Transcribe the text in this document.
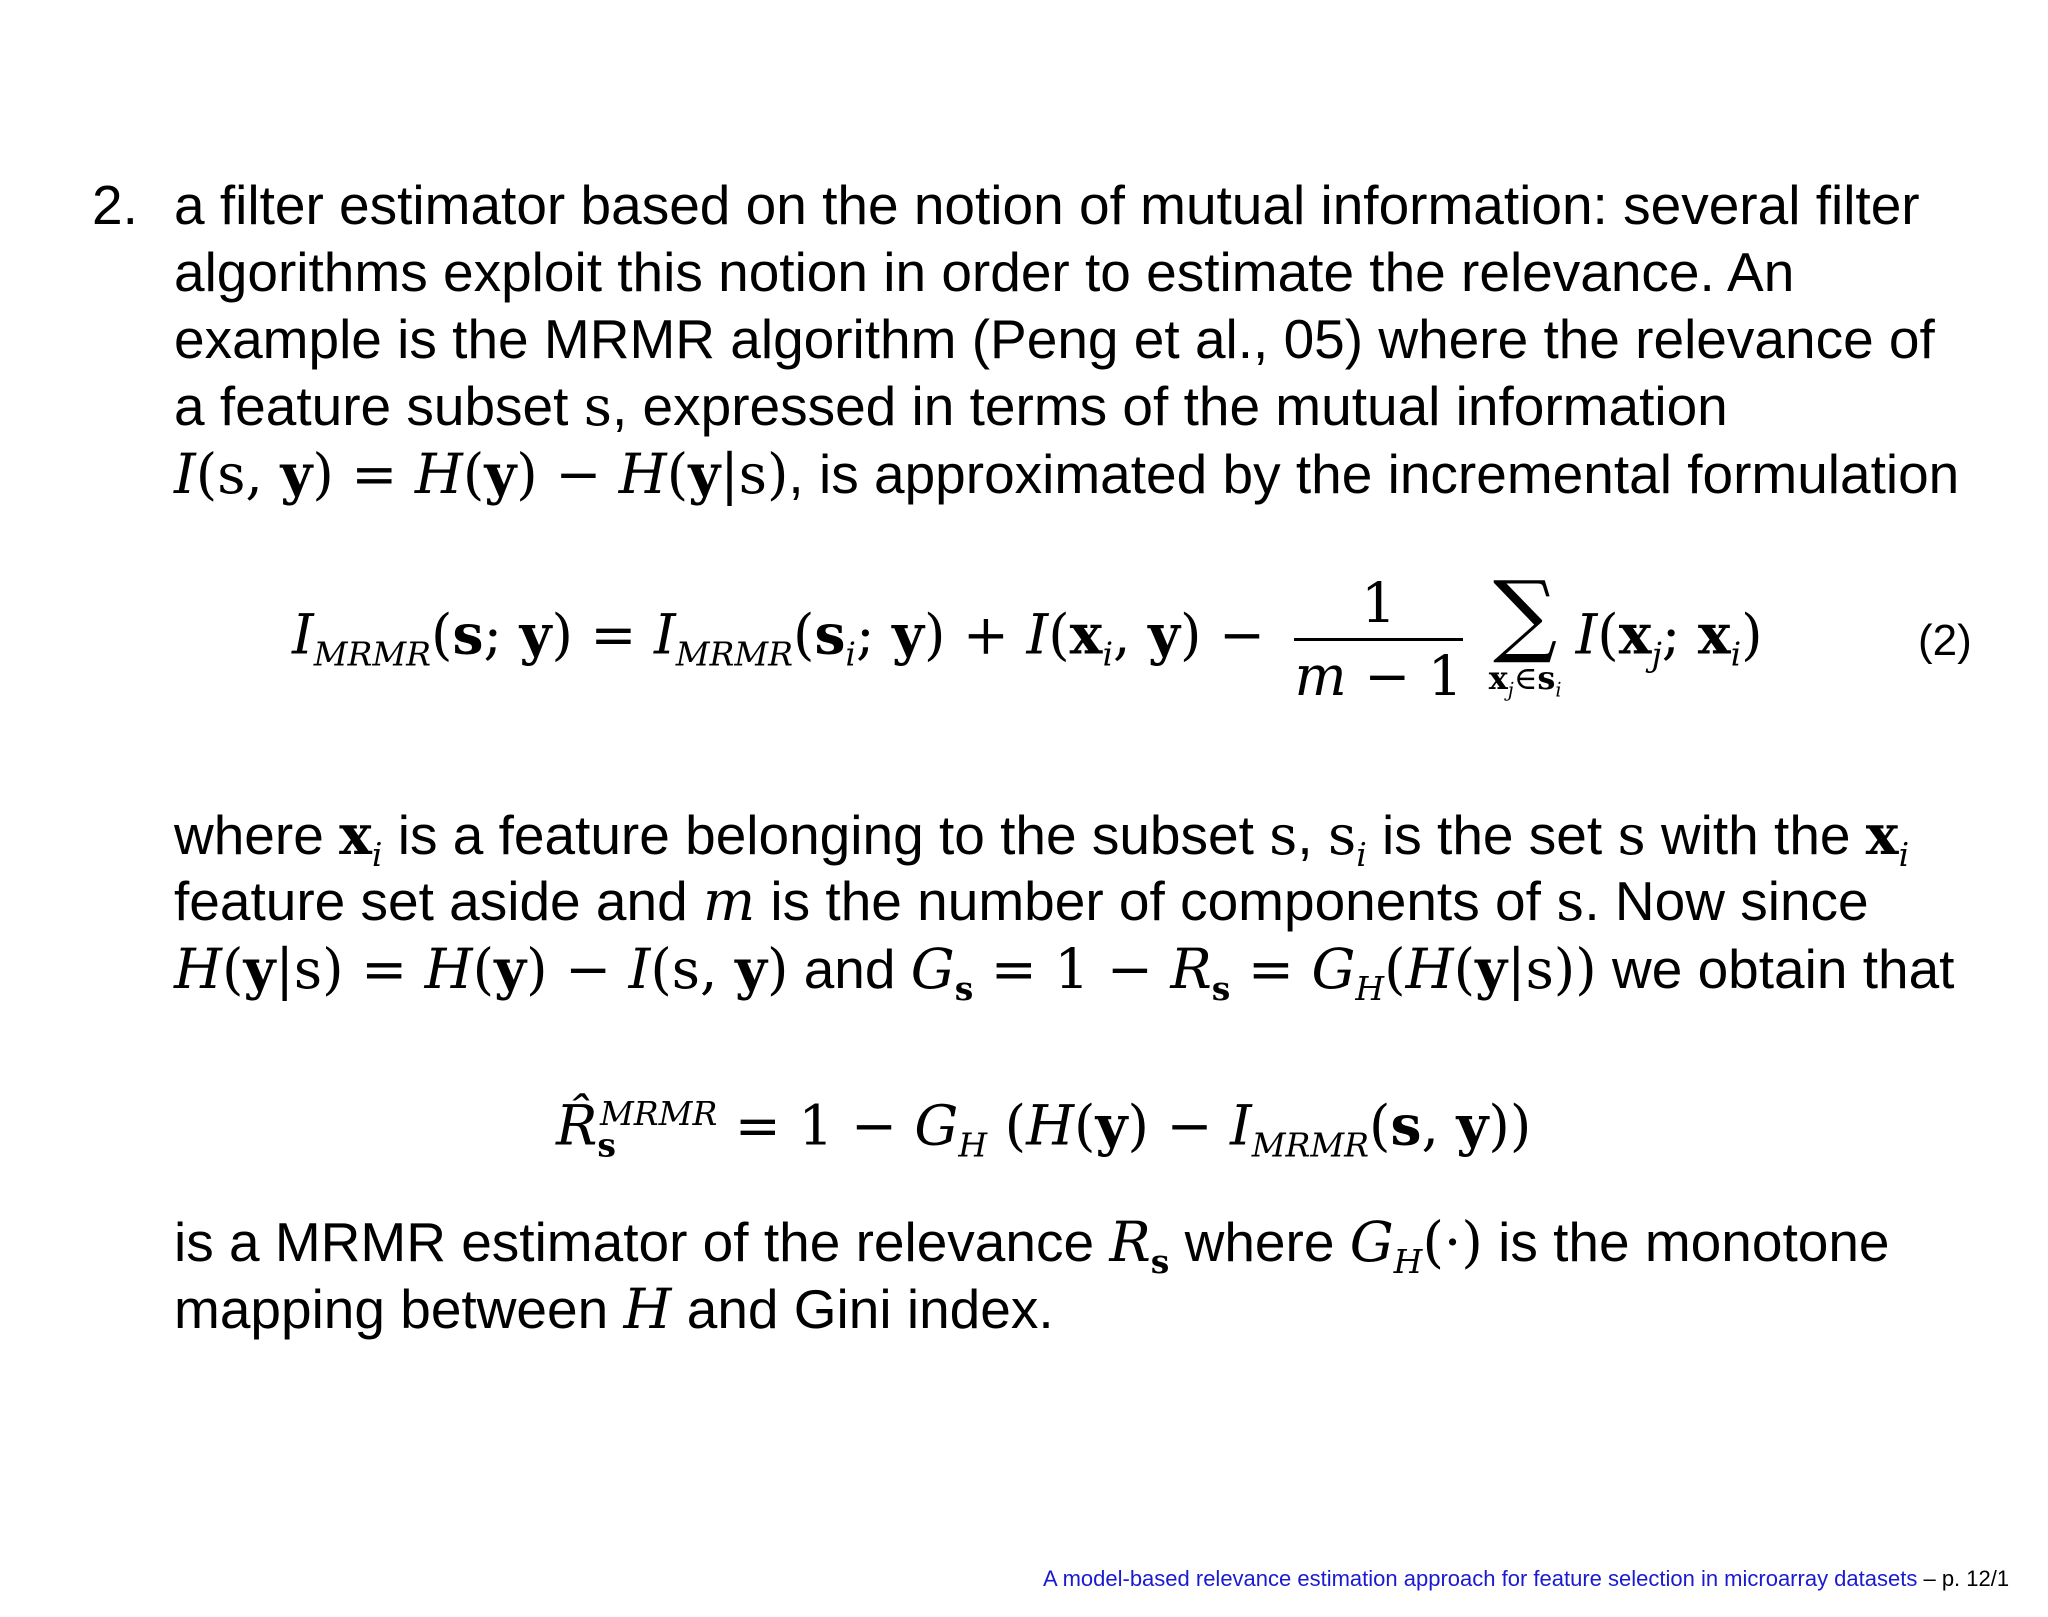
2. a filter estimator based on the notion of mutual information: several filter
algorithms exploit this notion in order to estimate the relevance. An
example is the MRMR algorithm (Peng et al., 05) where the relevance of
a feature subset s, expressed in terms of the mutual information
I(s, y) = H(y) − H(y|s), is approximated by the incremental formulation
$I_{MRMR}(s$; $y) = I_{MRMR}(s_i$; $y) + I(x_i$, $y) - \frac{1}{m - 1}$ ∑
$x_j\in s_i$
$I(x_j$; $x_i$)	(2)
where $x_i$ is a feature belonging to the subset s, $s_i$ is the set s with the $x_i$
feature set aside and m is the number of components of s. Now since
H(y|s) = H(y) − I(s, y) and $G_s = 1 - R_s = G_H(H(y|s))$ we obtain that
$R̂_s^{MRMR} = 1 - G_H$ ($H(y) - I_{MRMR}(s$, y))
is a MRMR estimator of the relevance $R_s$ where $G_H(\cdot)$ is the monotone
mapping between H and Gini index.
A model-based relevance estimation approach for feature selection in microarray datasets – p. 12/1
